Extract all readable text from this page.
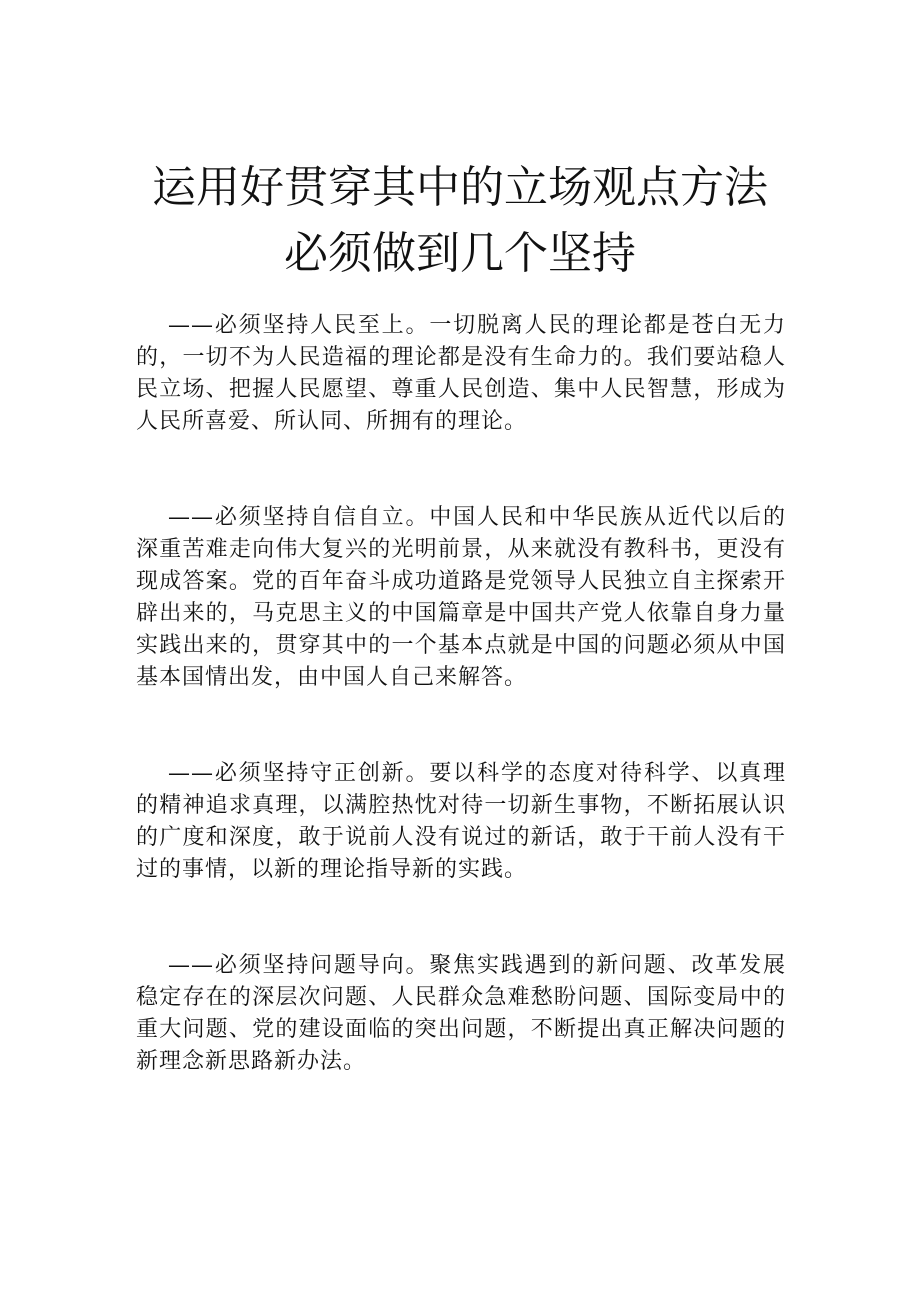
运用好贯穿其中的立场观点方法
必须做到几个坚持

——必须坚持人民至上。一切脱离人民的理论都是苍白无力的，一切不为人民造福的理论都是没有生命力的。我们要站稳人民立场、把握人民愿望、尊重人民创造、集中人民智慧，形成为人民所喜爱、所认同、所拥有的理论。

——必须坚持自信自立。中国人民和中华民族从近代以后的深重苦难走向伟大复兴的光明前景，从来就没有教科书，更没有现成答案。党的百年奋斗成功道路是党领导人民独立自主探索开辟出来的，马克思主义的中国篇章是中国共产党人依靠自身力量实践出来的，贯穿其中的一个基本点就是中国的问题必须从中国基本国情出发，由中国人自己来解答。

——必须坚持守正创新。要以科学的态度对待科学、以真理的精神追求真理，以满腔热忱对待一切新生事物，不断拓展认识的广度和深度，敢于说前人没有说过的新话，敢于干前人没有干过的事情，以新的理论指导新的实践。

——必须坚持问题导向。聚焦实践遇到的新问题、改革发展稳定存在的深层次问题、人民群众急难愁盼问题、国际变局中的重大问题、党的建设面临的突出问题，不断提出真正解决问题的新理念新思路新办法。
